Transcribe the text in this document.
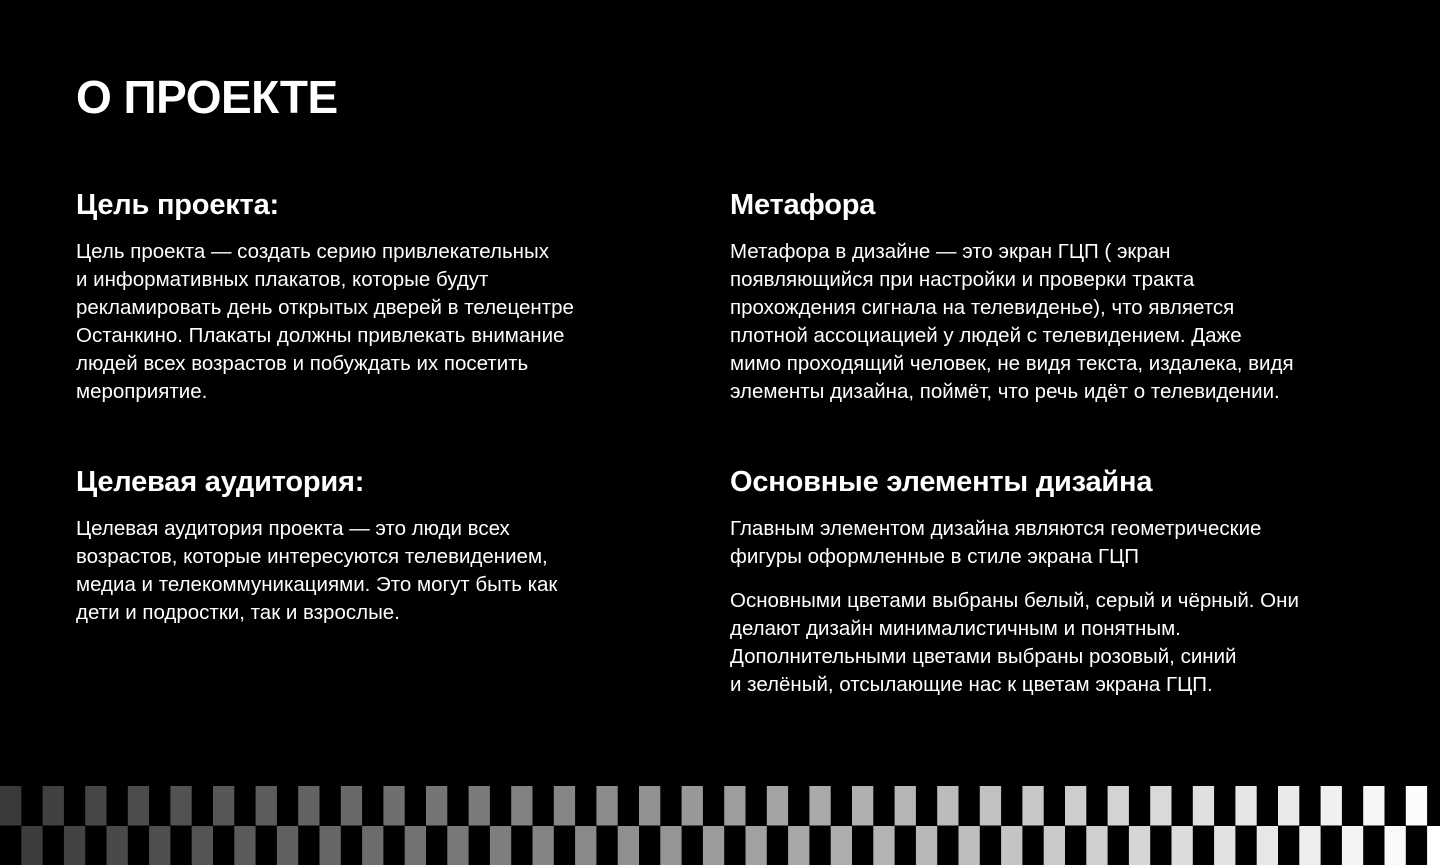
О ПРОЕКТЕ
Цель проекта:

Цель проекта — создать серию привлекательных
и информативных плакатов, которые будут
рекламировать день открытых дверей в телецентре
Останкино. Плакаты должны привлекать внимание
людей всех возрастов и побуждать их посетить
мероприятие.

Метафора

Метафора в дизайне — это экран ГЦП ( экран
появляющийся при настройки и проверки тракта
прохождения сигнала на телевиденье), что является
плотной ассоциацией у людей с телевидением. Даже
мимо проходящий человек, не видя текста, издалека, видя
элементы дизайна, поймёт, что речь идёт о телевидении.

Целевая аудитория:

Целевая аудитория проекта — это люди всех
возрастов, которые интересуются телевидением,
медиа и телекоммуникациями. Это могут быть как
дети и подростки, так и взрослые.

Основные элементы дизайна

Главным элементом дизайна являются геометрические
фигуры оформленные в стиле экрана ГЦП

Основными цветами выбраны белый, серый и чёрный. Они
делают дизайн минималистичным и понятным.
Дополнительными цветами выбраны розовый, синий
и зелёный, отсылающие нас к цветам экрана ГЦП.
